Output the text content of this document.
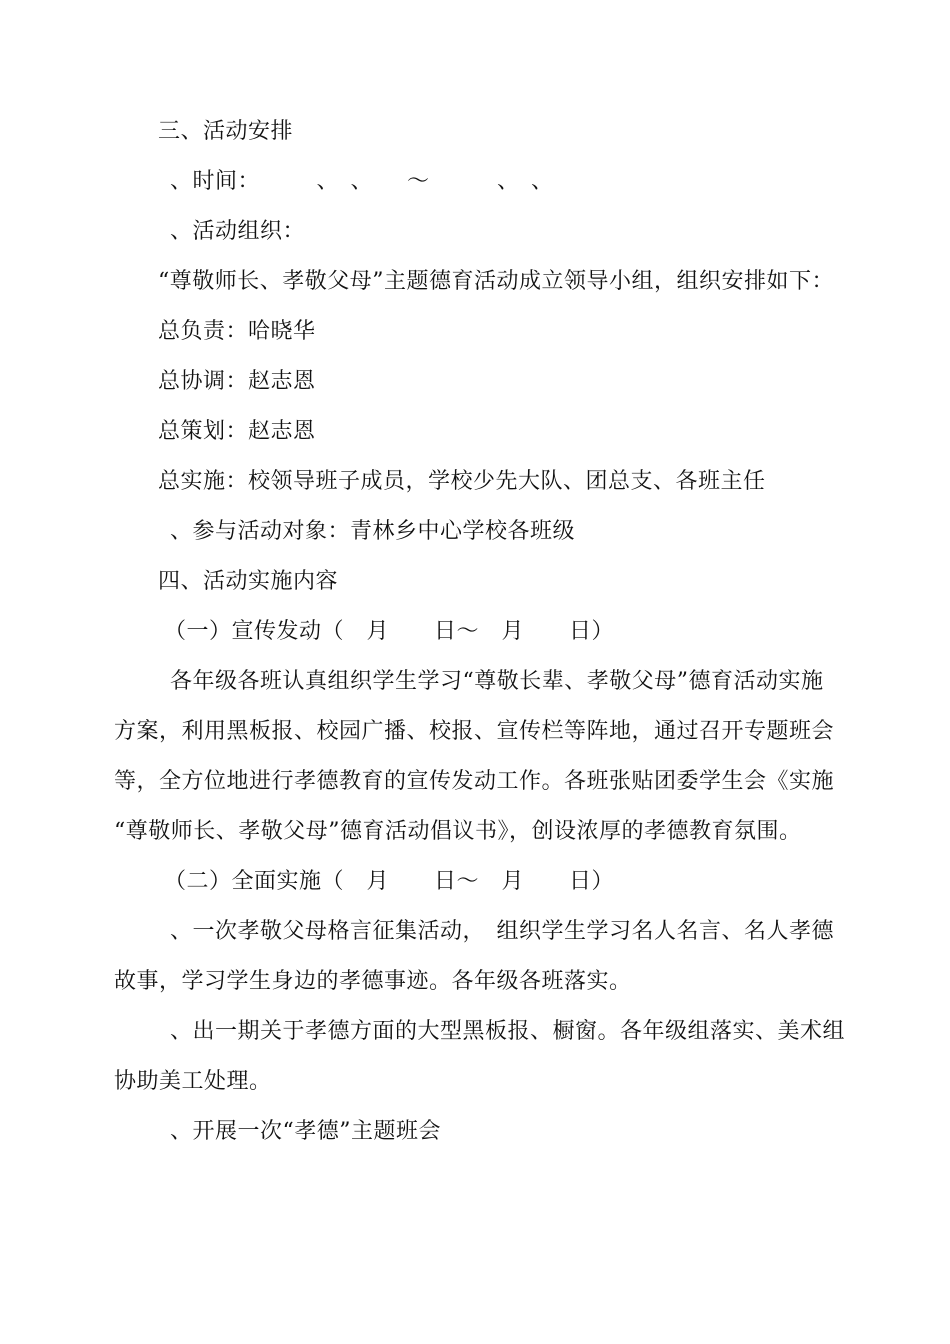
三、活动安排
、时间：　　　、　、　　～　　　、　、
、活动组织：
“尊敬师长、孝敬父母”主题德育活动成立领导小组，组织安排如下：
总负责：哈晓华
总协调：赵志恩
总策划：赵志恩
总实施：校领导班子成员，学校少先大队、团总支、各班主任
、参与活动对象：青林乡中心学校各班级
四、活动实施内容
（一）宣传发动（　月　　日～　月　　日）
各年级各班认真组织学生学习“尊敬长辈、孝敬父母”德育活动实施
方案，利用黑板报、校园广播、校报、宣传栏等阵地，通过召开专题班会
等，全方位地进行孝德教育的宣传发动工作。各班张贴团委学生会《实施
“尊敬师长、孝敬父母”德育活动倡议书》，创设浓厚的孝德教育氛围。
（二）全面实施（　月　　日～　月　　日）
、一次孝敬父母格言征集活动，　组织学生学习名人名言、名人孝德
故事，学习学生身边的孝德事迹。各年级各班落实。
、出一期关于孝德方面的大型黑板报、橱窗。各年级组落实、美术组
协助美工处理。
、开展一次“孝德”主题班会
